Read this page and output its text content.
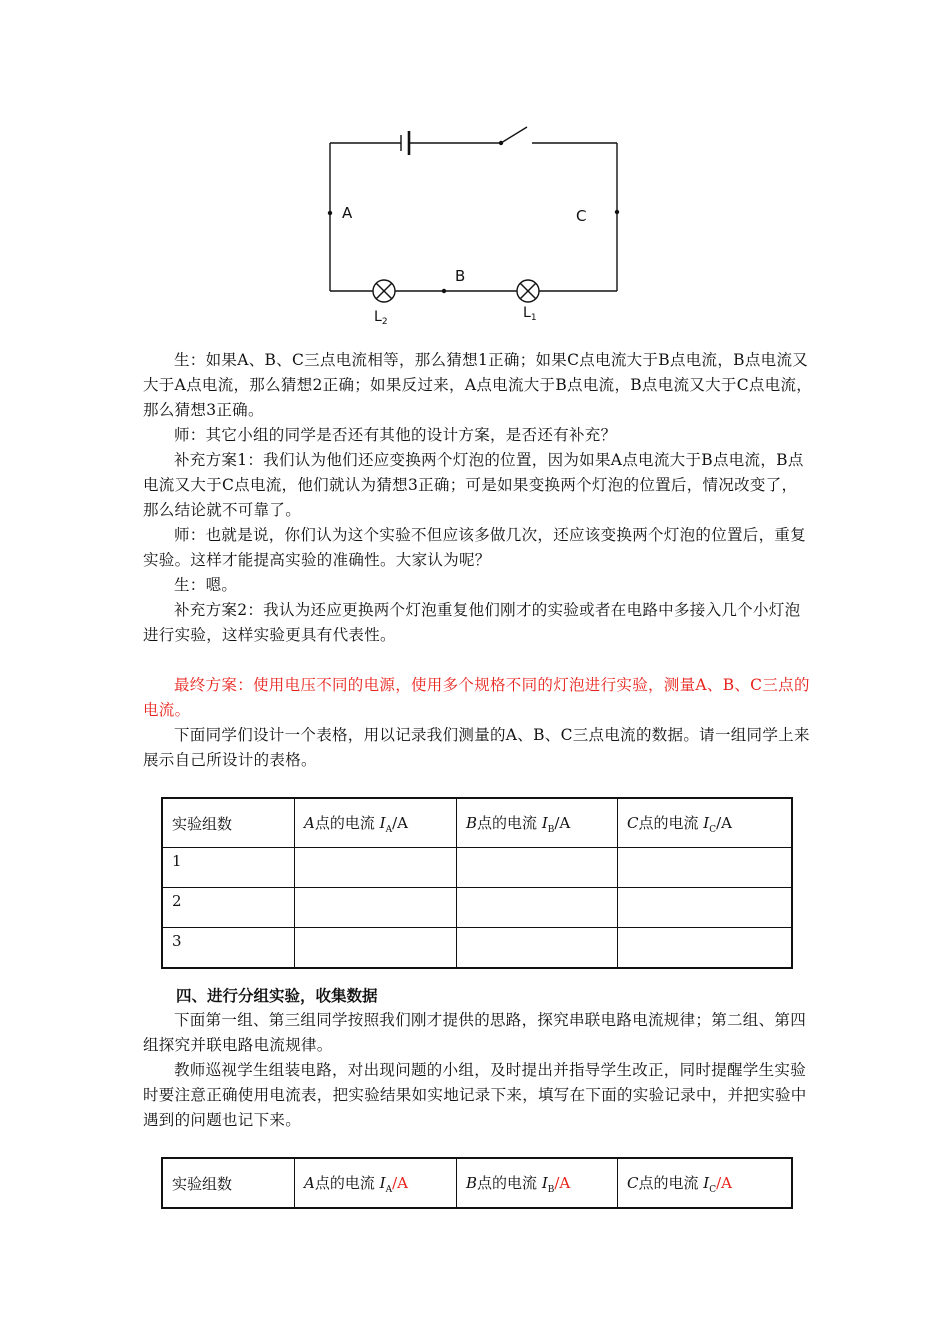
A	C
B
$L_2$
$L_1$

生：如果A、B、C三点电流相等，那么猜想1正确；如果C点电流大于B点电流，B点电流又大于A点电流，那么猜想2正确；如果反过来，A点电流大于B点电流，B点电流又大于C点电流， 那么猜想3正确。

师：其它小组的同学是否还有其他的设计方案，是否还有补充？

补充方案1：我们认为他们还应变换两个灯泡的位置，因为如果A点电流大于B点电流，B点电流又大于C点电流，他们就认为猜想3正确；可是如果变换两个灯泡的位置后，情况改变了，那么结论就不可靠了。

师：也就是说，你们认为这个实验不但应该多做几次，还应该变换两个灯泡的位置后，重复实验。这样才能提高实验的准确性。大家认为呢？

生：嗯。

补充方案2：我认为还应更换两个灯泡重复他们刚才的实验或者在电路中多接入几个小灯泡进行实验，这样实验更具有代表性。

最终方案：使用电压不同的电源，使用多个规格不同的灯泡进行实验，测量A、B、C三点的电流。

下面同学们设计一个表格，用以记录我们测量的A、B、C三点电流的数据。请一组同学上来展示自己所设计的表格。

实验组数	A点的电流 $I_A/A$	B点的电流 $I_B/A$	C点的电流 $I_C/A$
1			
2			
3			
四、进行分组实验，收集数据

下面第一组、第三组同学按照我们刚才提供的思路，探究串联电路电流规律；第二组、第四组探究并联电路电流规律。

教师巡视学生组装电路，对出现问题的小组，及时提出并指导学生改正，同时提醒学生实验时要注意正确使用电流表，把实验结果如实地记录下来，填写在下面的实验记录中，并把实验中遇到的问题也记下来。

实验组数	A点的电流 $I_A/A$	B点的电流 $I_B/A$	C点的电流 $I_C/A$
